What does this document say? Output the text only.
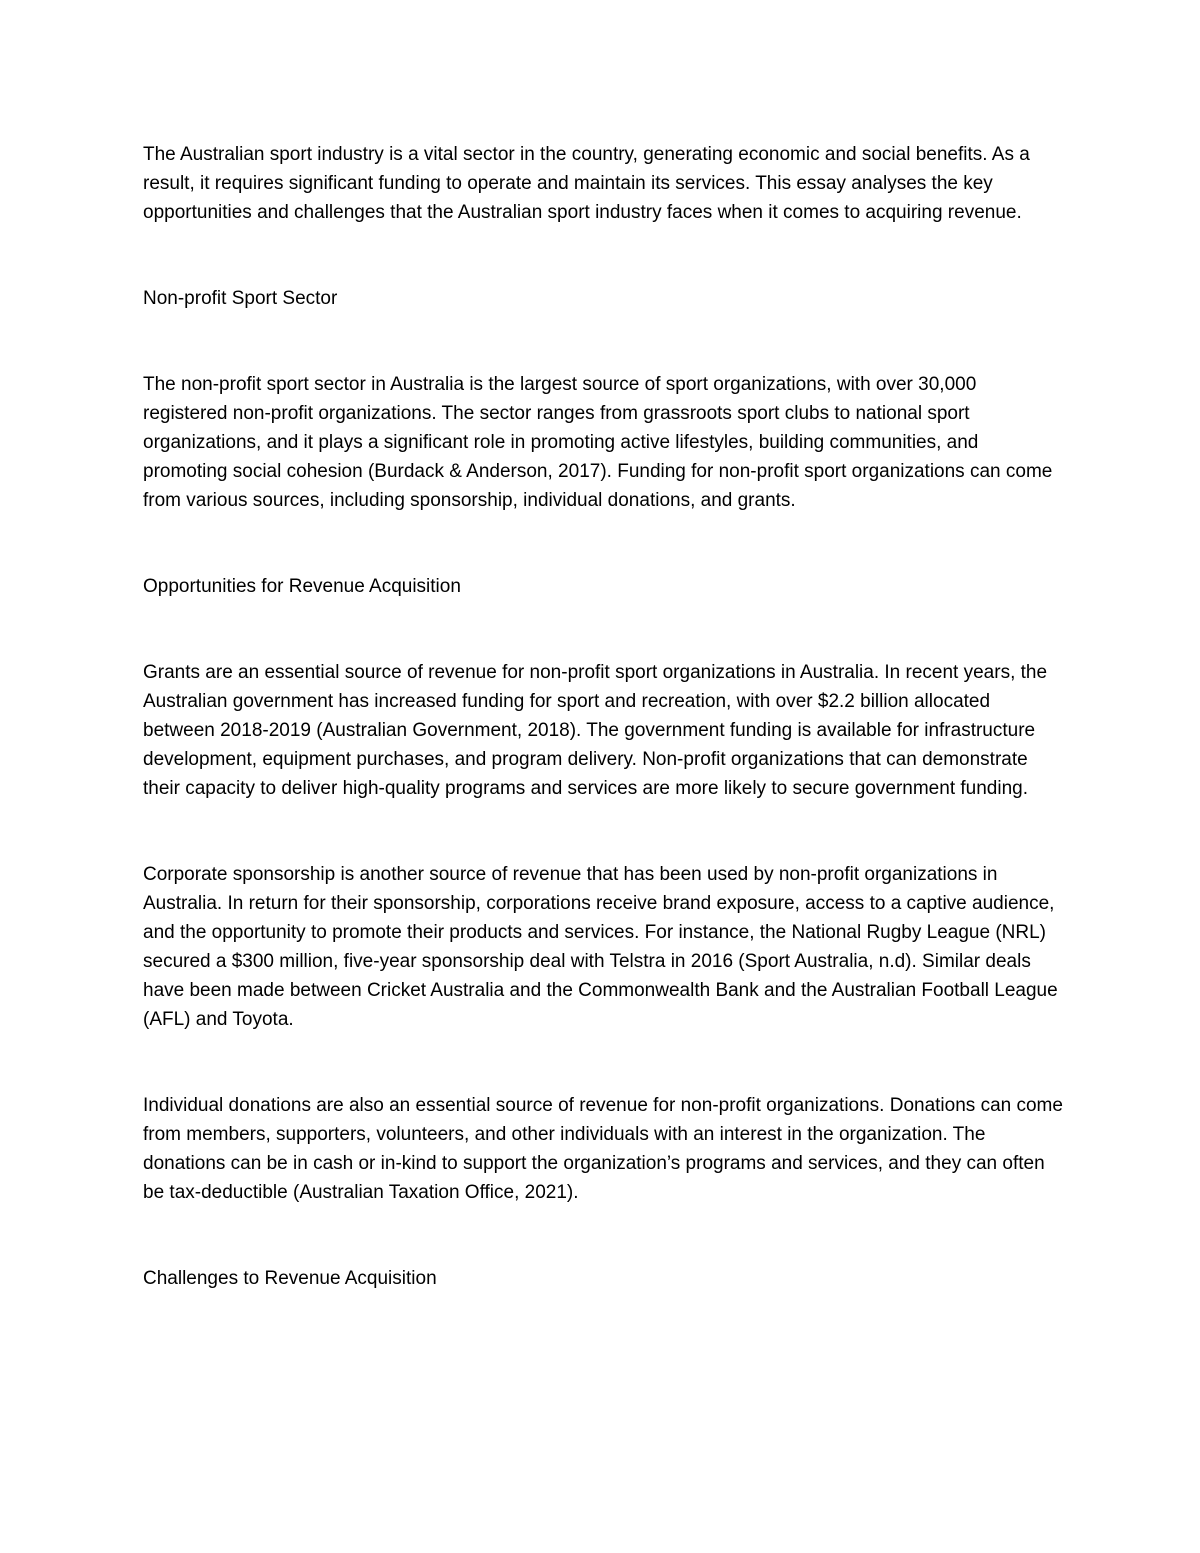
The Australian sport industry is a vital sector in the country, generating economic and social benefits. As a result, it requires significant funding to operate and maintain its services. This essay analyses the key opportunities and challenges that the Australian sport industry faces when it comes to acquiring revenue.

Non-profit Sport Sector

The non-profit sport sector in Australia is the largest source of sport organizations, with over 30,000 registered non-profit organizations. The sector ranges from grassroots sport clubs to national sport organizations, and it plays a significant role in promoting active lifestyles, building communities, and promoting social cohesion (Burdack & Anderson, 2017). Funding for non-profit sport organizations can come from various sources, including sponsorship, individual donations, and grants.

Opportunities for Revenue Acquisition

Grants are an essential source of revenue for non-profit sport organizations in Australia. In recent years, the Australian government has increased funding for sport and recreation, with over $2.2 billion allocated between 2018-2019 (Australian Government, 2018). The government funding is available for infrastructure development, equipment purchases, and program delivery. Non-profit organizations that can demonstrate their capacity to deliver high-quality programs and services are more likely to secure government funding.

Corporate sponsorship is another source of revenue that has been used by non-profit organizations in Australia. In return for their sponsorship, corporations receive brand exposure, access to a captive audience, and the opportunity to promote their products and services. For instance, the National Rugby League (NRL) secured a $300 million, five-year sponsorship deal with Telstra in 2016 (Sport Australia, n.d). Similar deals have been made between Cricket Australia and the Commonwealth Bank and the Australian Football League (AFL) and Toyota.

Individual donations are also an essential source of revenue for non-profit organizations. Donations can come from members, supporters, volunteers, and other individuals with an interest in the organization. The donations can be in cash or in-kind to support the organization’s programs and services, and they can often be tax-deductible (Australian Taxation Office, 2021).

Challenges to Revenue Acquisition
